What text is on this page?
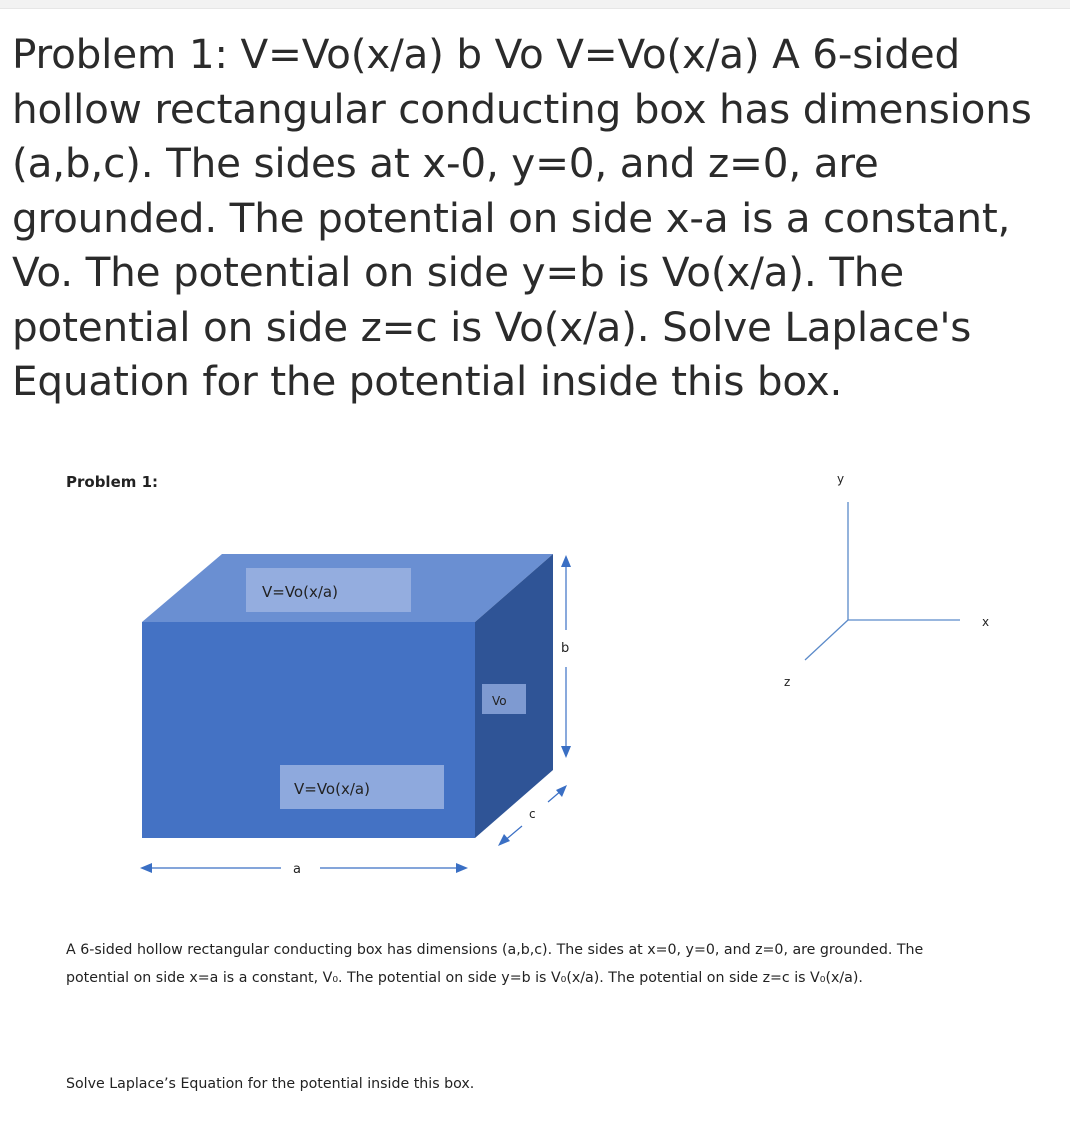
Problem 1: V=Vo(x/a) b Vo V=Vo(x/a) A 6-sided hollow rectangular conducting box has dimensions (a,b,c). The sides at x-0, y=0, and z=0, are grounded. The potential on side x-a is a constant, Vo. The potential on side y=b is Vo(x/a). The potential on side z=c is Vo(x/a). Solve Laplace's Equation for the potential inside this box.

Problem 1:
V=Vo(x/a)
Vo
V=Vo(x/a)
a
b
c
y
x
z
A 6-sided hollow rectangular conducting box has dimensions (a,b,c). The sides at x=0, y=0, and z=0, are grounded. The potential on side x=a is a constant, V₀. The potential on side y=b is V₀(x/a). The potential on side z=c is V₀(x/a).
Solve Laplace’s Equation for the potential inside this box.
